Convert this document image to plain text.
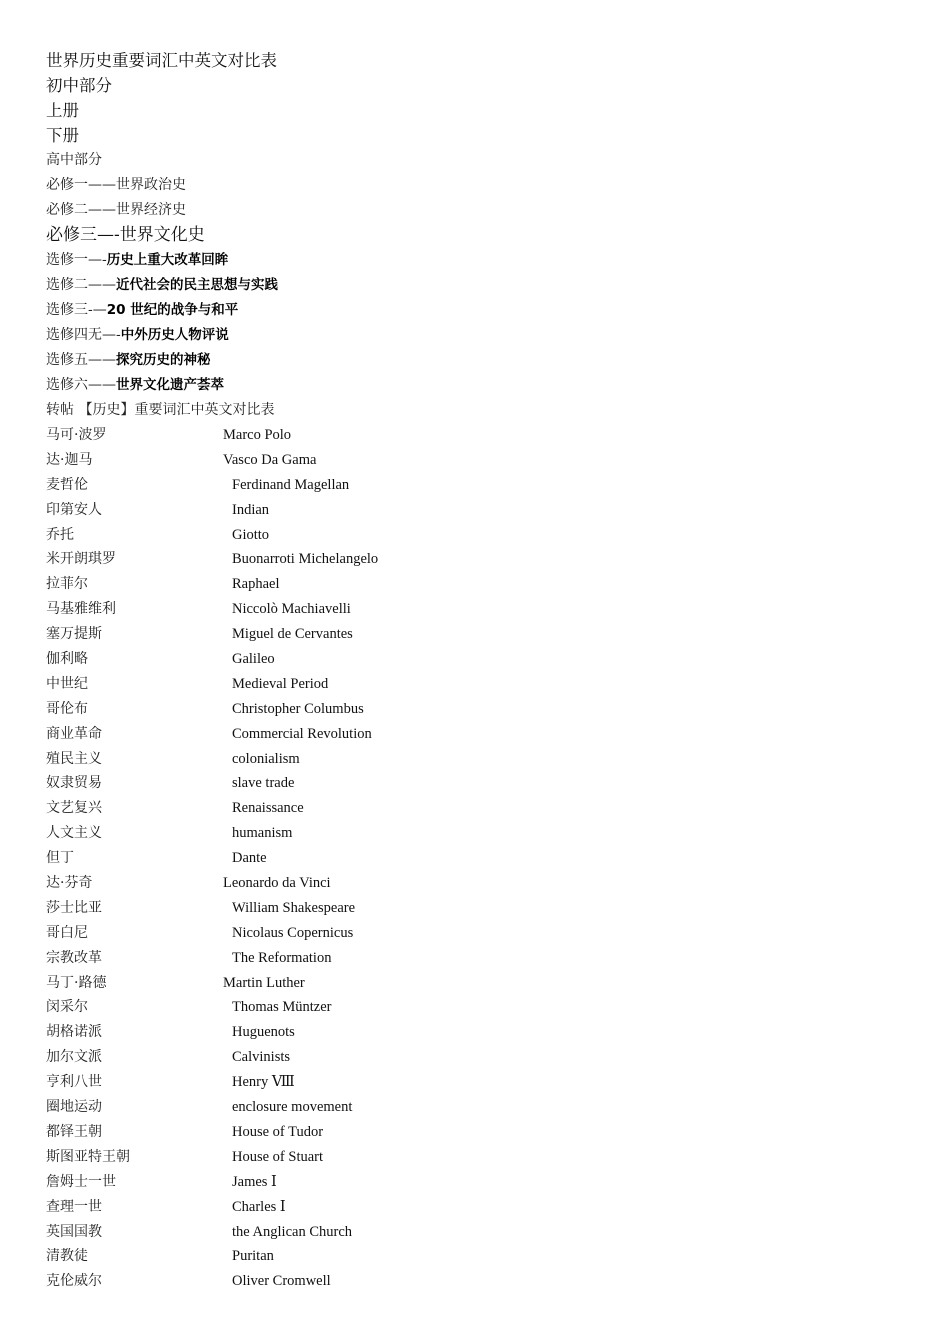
世界历史重要词汇中英文对比表
初中部分
上册
下册
高中部分
必修一——世界政治史
必修二——世界经济史
必修三—-世界文化史
选修一—-历史上重大改革回眸
选修二——近代社会的民主思想与实践
选修三-—20 世纪的战争与和平
选修四无—-中外历史人物评说
选修五——探究历史的神秘
选修六——世界文化遗产荟萃
转帖 【历史】重要词汇中英文对比表
马可·波罗	Marco Polo
达·迦马	Vasco Da Gama
麦哲伦	Ferdinand Magellan
印第安人	Indian
乔托	Giotto
米开朗琪罗	Buonarroti Michelangelo
拉菲尔	Raphael
马基雅维利	Niccolò Machiavelli
塞万提斯	Miguel de Cervantes
伽利略	Galileo
中世纪	Medieval Period
哥伦布	Christopher Columbus
商业革命	Commercial Revolution
殖民主义	colonialism
奴隶贸易	slave trade
文艺复兴	Renaissance
人文主义	humanism
但丁	Dante
达·芬奇	Leonardo da Vinci
莎士比亚	William Shakespeare
哥白尼	Nicolaus Copernicus
宗教改革	The Reformation
马丁·路德	Martin Luther
闵采尔	Thomas Müntzer
胡格诺派	Huguenots
加尔文派	Calvinists
亨利八世	Henry Ⅷ
圈地运动	enclosure movement
都铎王朝	House of Tudor
斯图亚特王朝	House of Stuart
詹姆士一世	James Ⅰ
查理一世	Charles Ⅰ
英国国教	the Anglican Church
清教徒	Puritan
克伦威尔	Oliver Cromwell
